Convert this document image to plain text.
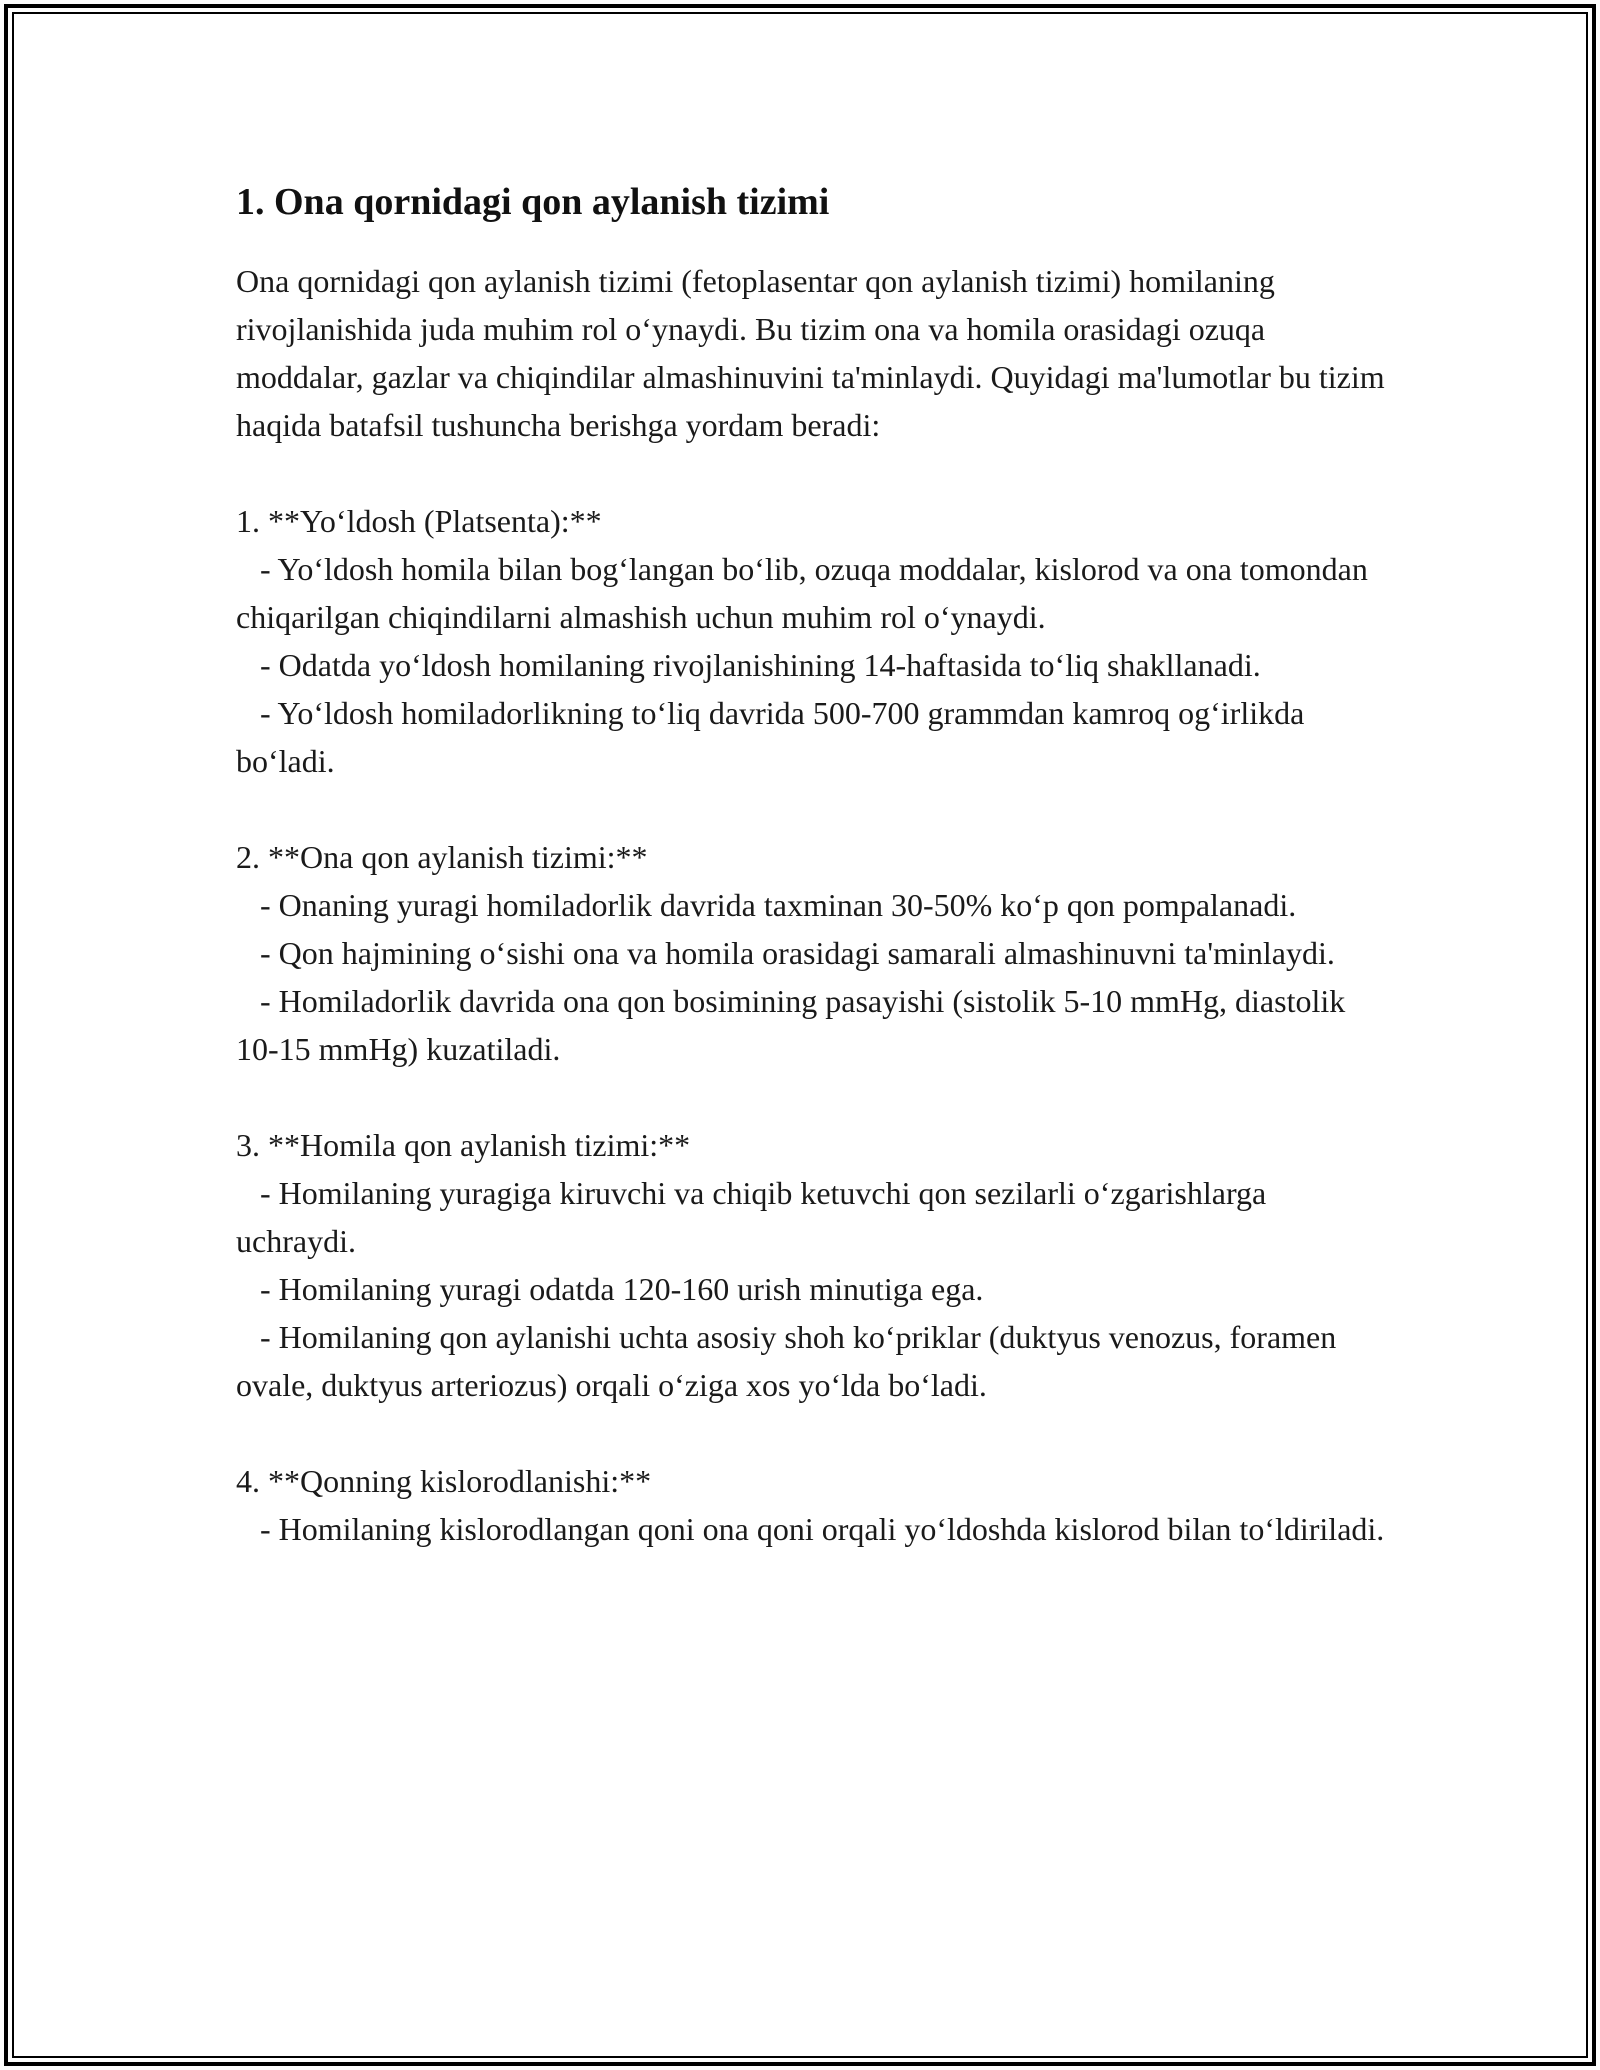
1. Ona qornidagi qon aylanish tizimi

Ona qornidagi qon aylanish tizimi (fetoplasentar qon aylanish tizimi) homilaning rivojlanishida juda muhim rol o‘ynaydi. Bu tizim ona va homila orasidagi ozuqa moddalar, gazlar va chiqindilar almashinuvini ta'minlaydi. Quyidagi ma'lumotlar bu tizim haqida batafsil tushuncha berishga yordam beradi:

1. **Yo‘ldosh (Platsenta):**

- Yo‘ldosh homila bilan bog‘langan bo‘lib, ozuqa moddalar, kislorod va ona tomondan chiqarilgan chiqindilarni almashish uchun muhim rol o‘ynaydi.

- Odatda yo‘ldosh homilaning rivojlanishining 14-haftasida to‘liq shakllanadi.

- Yo‘ldosh homiladorlikning to‘liq davrida 500-700 grammdan kamroq og‘irlikda bo‘ladi.

2. **Ona qon aylanish tizimi:**

- Onaning yuragi homiladorlik davrida taxminan 30-50% ko‘p qon pompalanadi.

- Qon hajmining o‘sishi ona va homila orasidagi samarali almashinuvni ta'minlaydi.

- Homiladorlik davrida ona qon bosimining pasayishi (sistolik 5-10 mmHg, diastolik 10-15 mmHg) kuzatiladi.

3. **Homila qon aylanish tizimi:**

- Homilaning yuragiga kiruvchi va chiqib ketuvchi qon sezilarli o‘zgarishlarga uchraydi.

- Homilaning yuragi odatda 120-160 urish minutiga ega.

- Homilaning qon aylanishi uchta asosiy shoh ko‘priklar (duktyus venozus, foramen ovale, duktyus arteriozus) orqali o‘ziga xos yo‘lda bo‘ladi.

4. **Qonning kislorodlanishi:**

- Homilaning kislorodlangan qoni ona qoni orqali yo‘ldoshda kislorod bilan to‘ldiriladi.
